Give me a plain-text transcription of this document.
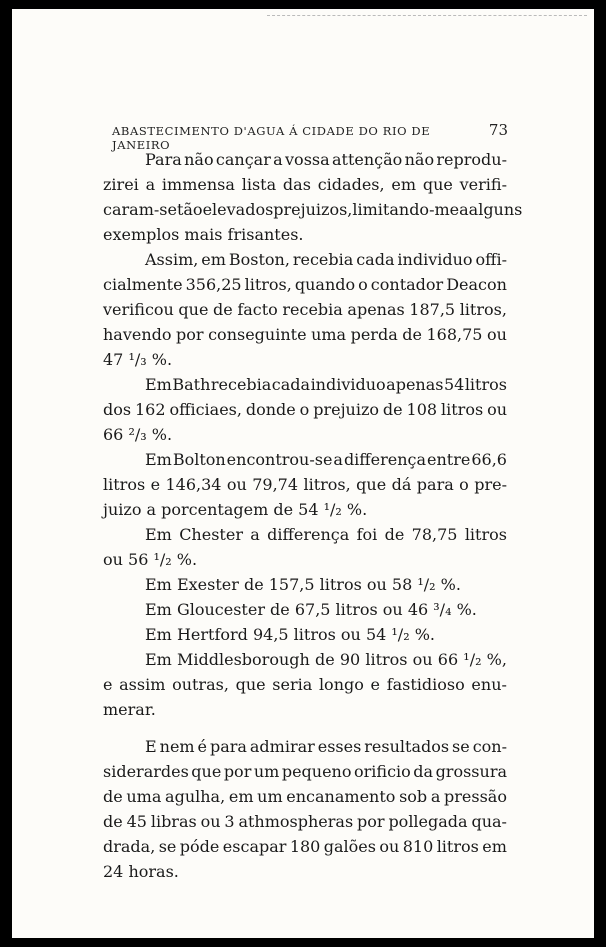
ABASTECIMENTO D'AGUA Á CIDADE DO RIO DE JANEIRO
73
Para não cançar a vossa attenção não reprodu-
zirei a immensa lista das cidades, em que verifi-
caram-se tão elevados prejuizos, limitando-me a alguns
exemplos mais frisantes.
Assim, em Boston, recebia cada individuo offi-
cialmente 356,25 litros, quando o contador Deacon
verificou que de facto recebia apenas 187,5 litros,
havendo por conseguinte uma perda de 168,75 ou
47 ¹/₃ %.
Em Bath recebia cada individuo apenas 54 litros
dos 162 officiaes, donde o prejuizo de 108 litros ou
66 ²/₃ %.
Em Bolton encontrou-se a differença entre 66,6
litros e 146,34 ou 79,74 litros, que dá para o pre-
juizo a porcentagem de 54 ¹/₂ %.
Em Chester a differença foi de 78,75 litros
ou 56 ¹/₂ %.
Em Exester de 157,5 litros ou 58 ¹/₂ %.
Em Gloucester de 67,5 litros ou 46 ³/₄ %.
Em Hertford 94,5 litros ou 54 ¹/₂ %.
Em Middlesborough de 90 litros ou 66 ¹/₂ %,
e assim outras, que seria longo e fastidioso enu-
merar.
E nem é para admirar esses resultados se con-
siderardes que por um pequeno orificio da grossura
de uma agulha, em um encanamento sob a pressão
de 45 libras ou 3 athmospheras por pollegada qua-
drada, se póde escapar 180 galões ou 810 litros em
24 horas.
